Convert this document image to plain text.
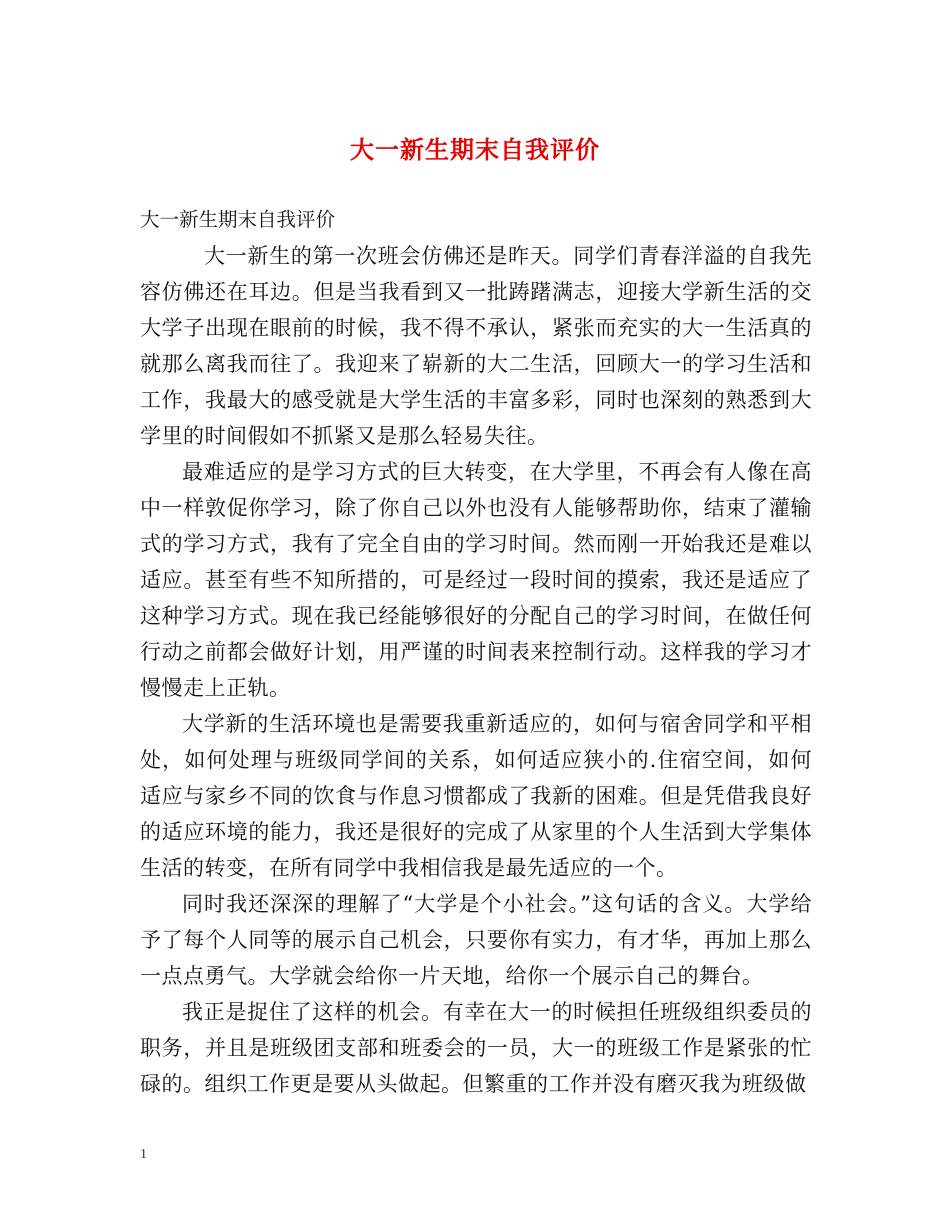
大一新生期末自我评价

大一新生期末自我评价

大一新生的第一次班会仿佛还是昨天。同学们青春洋溢的自我先容仿佛还在耳边。但是当我看到又一批踌躇满志，迎接大学新生活的交大学子出现在眼前的时候，我不得不承认，紧张而充实的大一生活真的就那么离我而往了。我迎来了崭新的大二生活，回顾大一的学习生活和工作，我最大的感受就是大学生活的丰富多彩，同时也深刻的熟悉到大学里的时间假如不抓紧又是那么轻易失往。

最难适应的是学习方式的巨大转变，在大学里，不再会有人像在高中一样敦促你学习，除了你自己以外也没有人能够帮助你，结束了灌输式的学习方式，我有了完全自由的学习时间。然而刚一开始我还是难以适应。甚至有些不知所措的，可是经过一段时间的摸索，我还是适应了这种学习方式。现在我已经能够很好的分配自己的学习时间，在做任何行动之前都会做好计划，用严谨的时间表来控制行动。这样我的学习才慢慢走上正轨。

大学新的生活环境也是需要我重新适应的，如何与宿舍同学和平相处，如何处理与班级同学间的关系，如何适应狭小的.住宿空间，如何适应与家乡不同的饮食与作息习惯都成了我新的困难。但是凭借我良好的适应环境的能力，我还是很好的完成了从家里的个人生活到大学集体生活的转变，在所有同学中我相信我是最先适应的一个。

同时我还深深的理解了“大学是个小社会。”这句话的含义。大学给予了每个人同等的展示自己机会，只要你有实力，有才华，再加上那么一点点勇气。大学就会给你一片天地，给你一个展示自己的舞台。

我正是捉住了这样的机会。有幸在大一的时候担任班级组织委员的职务，并且是班级团支部和班委会的一员，大一的班级工作是紧张的忙碌的。组织工作更是要从头做起。但繁重的工作并没有磨灭我为班级做

1
